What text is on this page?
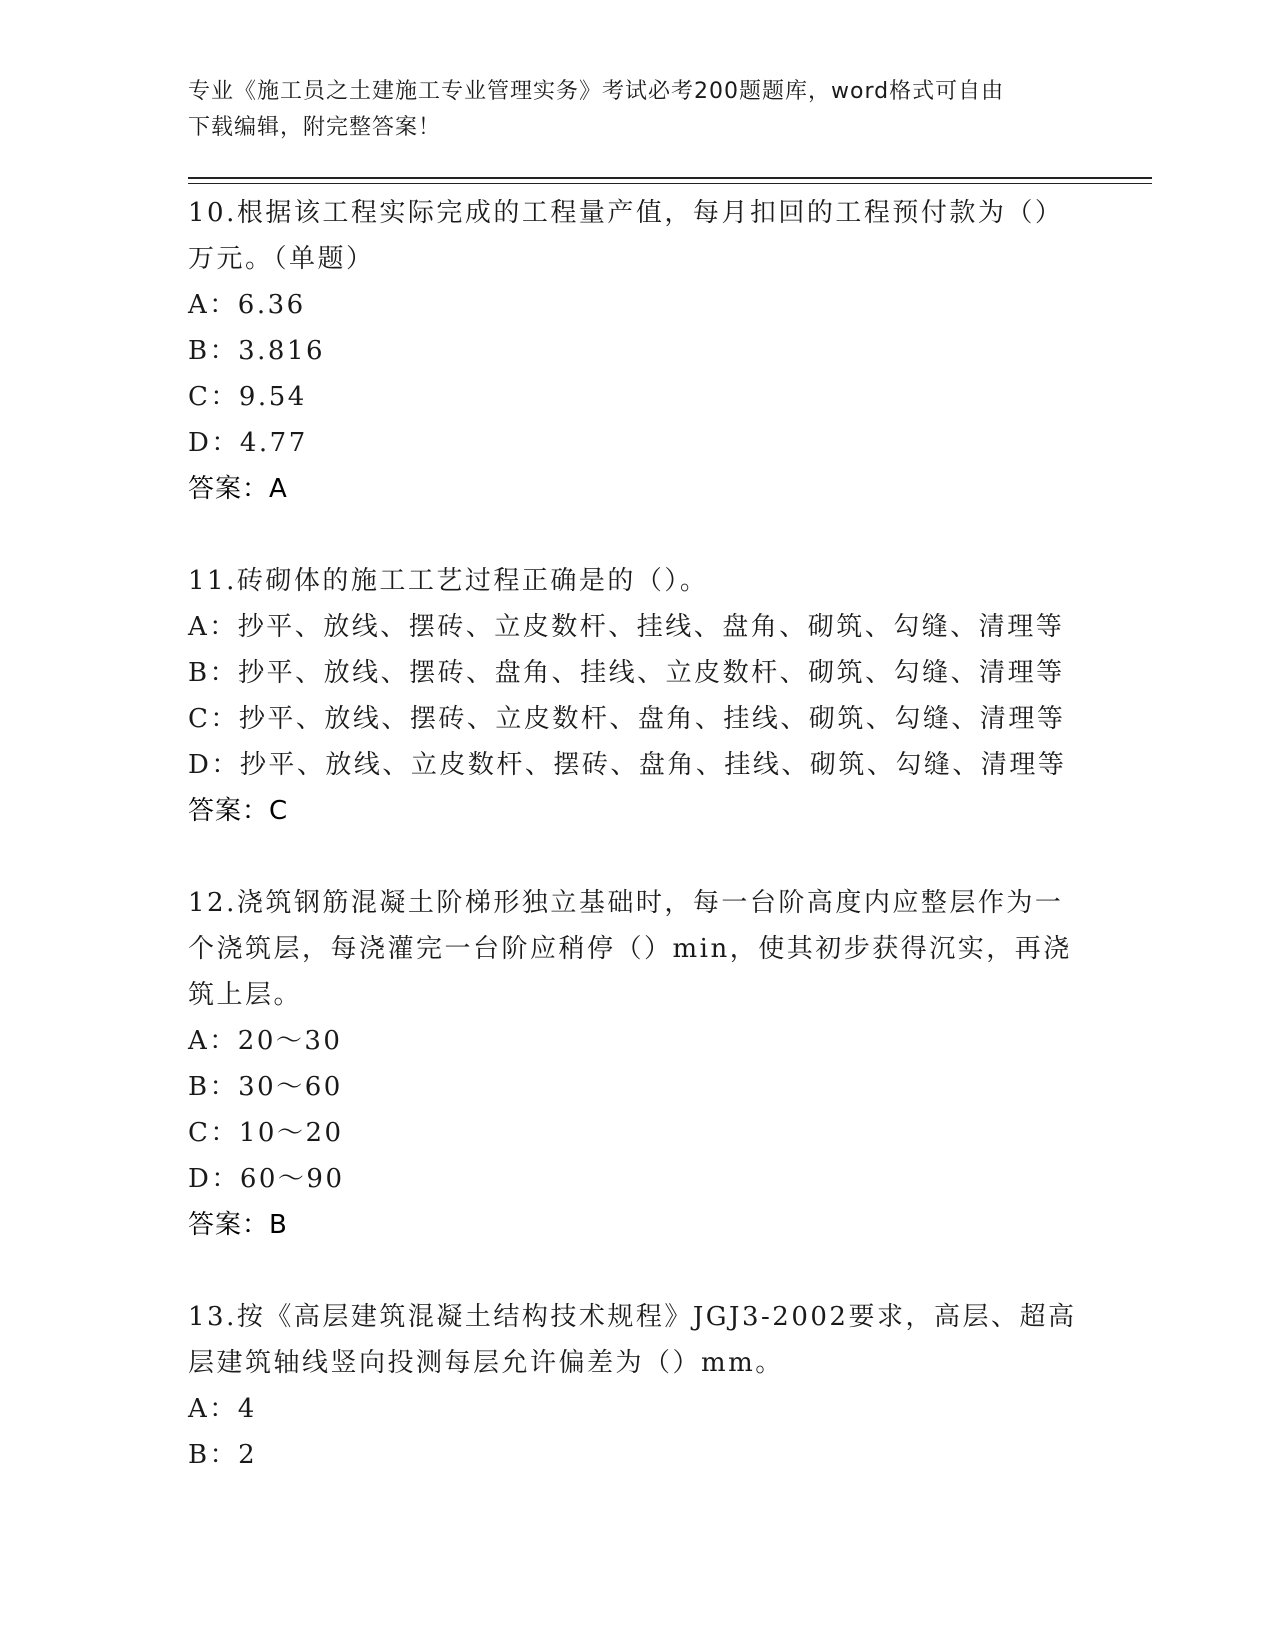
专业《施工员之土建施工专业管理实务》考试必考200题题库，word格式可自由
下载编辑，附完整答案！
10.根据该工程实际完成的工程量产值，每月扣回的工程预付款为（）
万元。（单题）
A：6.36
B：3.816
C：9.54
D：4.77
答案：A
11.砖砌体的施工工艺过程正确是的（）。
A：抄平、放线、摆砖、立皮数杆、挂线、盘角、砌筑、勾缝、清理等
B：抄平、放线、摆砖、盘角、挂线、立皮数杆、砌筑、勾缝、清理等
C：抄平、放线、摆砖、立皮数杆、盘角、挂线、砌筑、勾缝、清理等
D：抄平、放线、立皮数杆、摆砖、盘角、挂线、砌筑、勾缝、清理等
答案：C
12.浇筑钢筋混凝土阶梯形独立基础时，每一台阶高度内应整层作为一
个浇筑层，每浇灌完一台阶应稍停（）min，使其初步获得沉实，再浇
筑上层。
A：20～30
B：30～60
C：10～20
D：60～90
答案：B
13.按《高层建筑混凝土结构技术规程》JGJ3-2002要求，高层、超高
层建筑轴线竖向投测每层允许偏差为（）mm。
A：4
B：2
